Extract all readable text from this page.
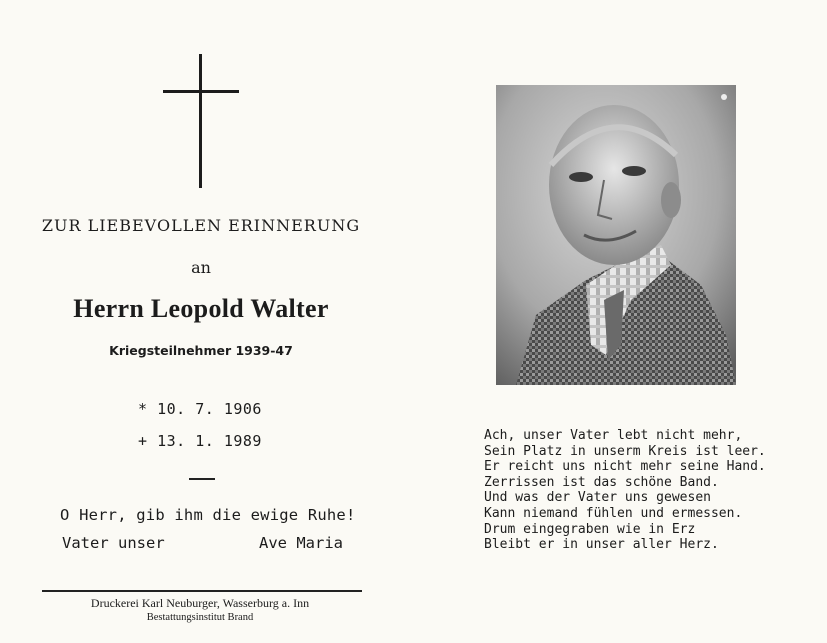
ZUR LIEBEVOLLEN ERINNERUNG
an
Herrn Leopold Walter
Kriegsteilnehmer 1939-47
* 10. 7. 1906
+ 13. 1. 1989
O Herr, gib ihm die ewige Ruhe!
Vater unser	Ave Maria
Druckerei Karl Neuburger, Wasserburg a. Inn
Bestattungsinstitut Brand
Ach, unser Vater lebt nicht mehr,
Sein Platz in unserm Kreis ist leer.
Er reicht uns nicht mehr seine Hand.
Zerrissen ist das schöne Band.
Und was der Vater uns gewesen
Kann niemand fühlen und ermessen.
Drum eingegraben wie in Erz
Bleibt er in unser aller Herz.
